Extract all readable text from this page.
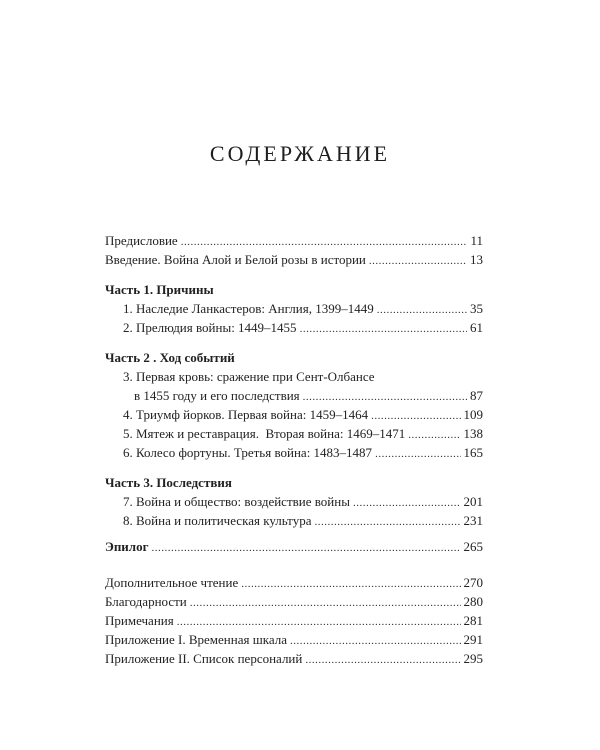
СОДЕРЖАНИЕ
Предисловие .....	11
Введение. Война Алой и Белой розы в истории .....	13
Часть 1. Причины
1. Наследие Ланкастеров: Англия, 1399–1449 .....	35
2. Прелюдия войны: 1449–1455 .....	61
Часть 2 . Ход событий
3. Первая кровь: сражение при Сент-Олбансе
в 1455 году и его последствия .....	87
4. Триумф йорков. Первая война: 1459–1464 .....	109
5. Мятеж и реставрация.  Вторая война: 1469–1471 .....	138
6. Колесо фортуны. Третья война: 1483–1487 .....	165
Часть 3. Последствия
7. Война и общество: воздействие войны .....	201
8. Война и политическая культура .....	231
Эпилог .....	265
Дополнительное чтение .....	270
Благодарности .....	280
Примечания .....	281
Приложение I. Временная шкала .....	291
Приложение II. Список персоналий .....	295
